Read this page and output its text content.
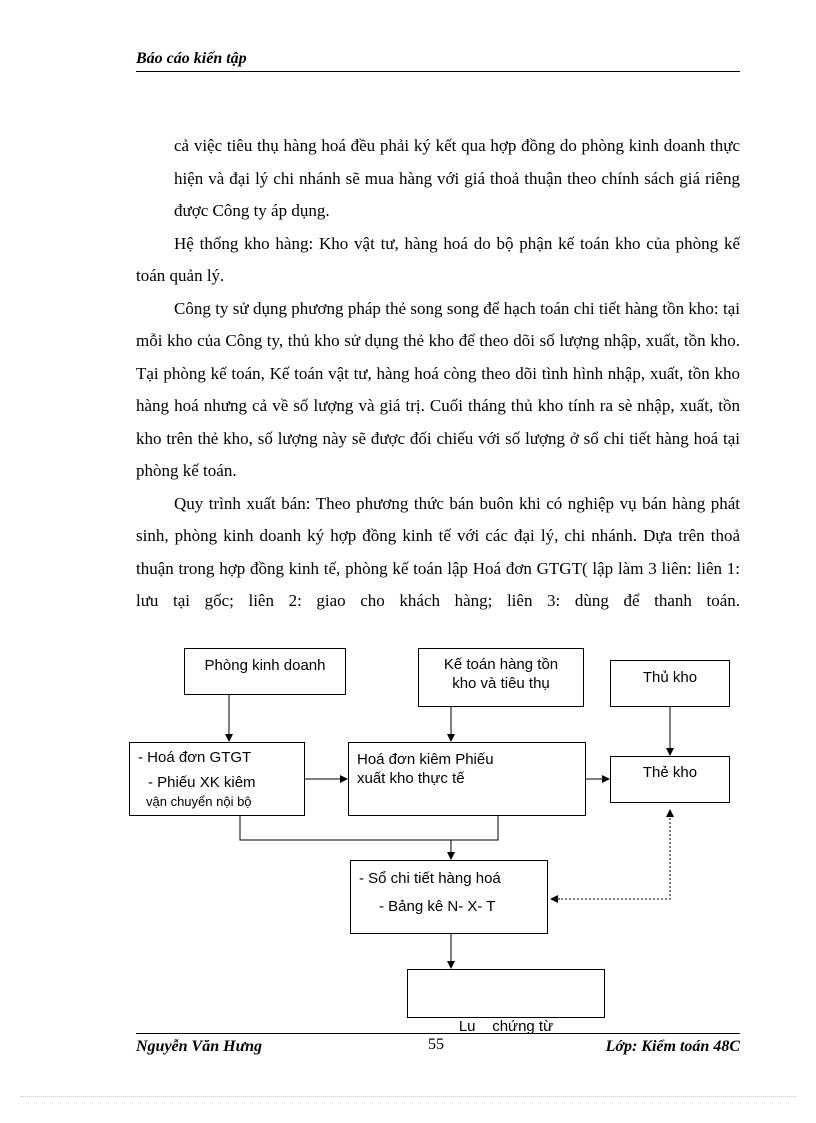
Báo cáo kiến tập

cả việc tiêu thụ hàng hoá đều phải ký kết qua hợp đồng do phòng kinh doanh thực hiện và đại lý chi nhánh sẽ mua hàng với giá thoả thuận theo chính sách giá riêng được Công ty áp dụng.

Hệ thống kho hàng: Kho vật tư, hàng hoá do bộ phận kế toán kho của phòng kế toán quản lý.

Công ty sử dụng phương pháp thẻ song song để hạch toán chi tiết hàng tồn kho: tại mỗi kho của Công ty, thủ kho sử dụng thẻ kho để theo dõi số lượng nhập, xuất, tồn kho. Tại phòng kế toán, Kế toán vật tư, hàng hoá còng theo dõi tình hình nhập, xuất, tồn kho hàng hoá nhưng cả về số lượng và giá trị. Cuối tháng thủ kho tính ra sè nhập, xuất, tồn kho trên thẻ kho, số lượng này sẽ được đối chiếu với số lượng ở sổ chi tiết hàng hoá tại phòng kế toán.

Quy trình xuất bán: Theo phương thức bán buôn khi có nghiệp vụ bán hàng phát sinh, phòng kinh doanh ký hợp đồng kinh tế với các đại lý, chi nhánh. Dựa trên thoả thuận trong hợp đồng kinh tế, phòng kế toán lập Hoá đơn GTGT( lập làm 3 liên: liên 1: lưu tại gốc; liên 2: giao cho khách hàng; liên 3: dùng để thanh toán.

Phòng kinh doanh	Kế toán hàng tồn
kho và tiêu thụ	Thủ kho
- Hoá đơn GTGT
- Phiếu XK kiêm
vận chuyển nội bộ
Hoá đơn kiêm Phiếu
xuất kho thực tế	Thẻ kho
- Sổ chi tiết hàng hoá
- Bảng kê N- X- T

Lu    chứng từ

Nguyễn Văn Hưng	55	Lớp: Kiểm toán 48C
